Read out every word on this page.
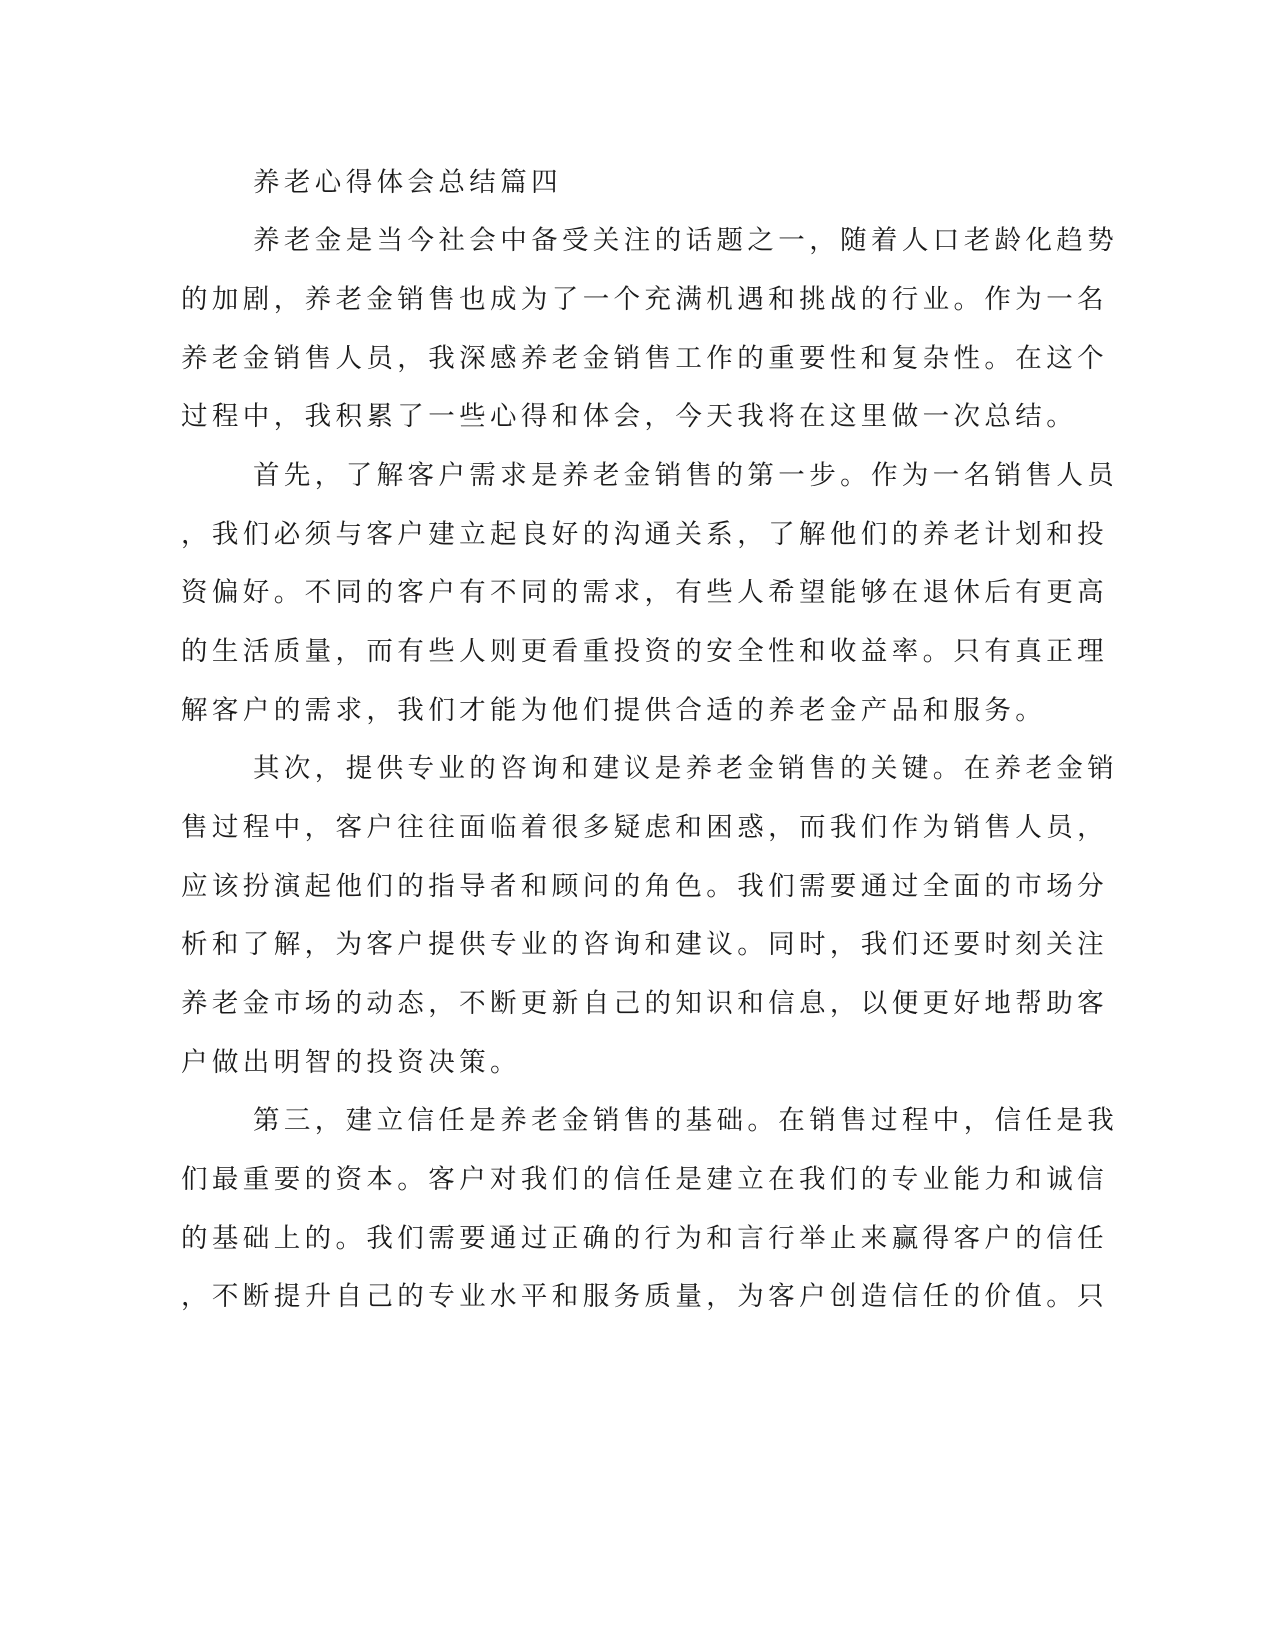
养老心得体会总结篇四
养老金是当今社会中备受关注的话题之一，随着人口老龄化趋势
的加剧，养老金销售也成为了一个充满机遇和挑战的行业。作为一名
养老金销售人员，我深感养老金销售工作的重要性和复杂性。在这个
过程中，我积累了一些心得和体会，今天我将在这里做一次总结。
首先，了解客户需求是养老金销售的第一步。作为一名销售人员
，我们必须与客户建立起良好的沟通关系，了解他们的养老计划和投
资偏好。不同的客户有不同的需求，有些人希望能够在退休后有更高
的生活质量，而有些人则更看重投资的安全性和收益率。只有真正理
解客户的需求，我们才能为他们提供合适的养老金产品和服务。
其次，提供专业的咨询和建议是养老金销售的关键。在养老金销
售过程中，客户往往面临着很多疑虑和困惑，而我们作为销售人员，
应该扮演起他们的指导者和顾问的角色。我们需要通过全面的市场分
析和了解，为客户提供专业的咨询和建议。同时，我们还要时刻关注
养老金市场的动态，不断更新自己的知识和信息，以便更好地帮助客
户做出明智的投资决策。
第三，建立信任是养老金销售的基础。在销售过程中，信任是我
们最重要的资本。客户对我们的信任是建立在我们的专业能力和诚信
的基础上的。我们需要通过正确的行为和言行举止来赢得客户的信任
，不断提升自己的专业水平和服务质量，为客户创造信任的价值。只
